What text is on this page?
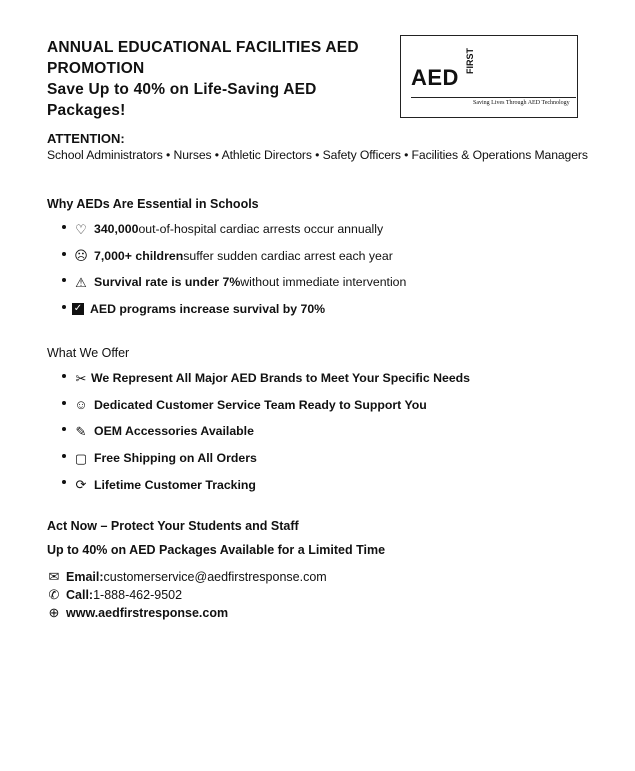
ANNUAL EDUCATIONAL FACILITIES AED
PROMOTION
Save Up to 40% on Life-Saving AED
Packages!
AED
FIRST
Saving Lives Through AED Technology
ATTENTION:
School Administrators • Nurses • Athletic Directors • Safety Officers • Facilities & Operations Managers
Why AEDs Are Essential in Schools
♡ 340,000 out-of-hospital cardiac arrests occur annually
☹ 7,000+ children suffer sudden cardiac arrest each year
⚠ Survival rate is under 7% without immediate intervention
✓ AED programs increase survival by 70%
What We Offer
✂ We Represent All Major AED Brands to Meet Your Specific Needs
☺ Dedicated Customer Service Team Ready to Support You
✎ OEM Accessories Available
▢ Free Shipping on All Orders
⟳ Lifetime Customer Tracking
Act Now – Protect Your Students and Staff
Up to 40% on AED Packages Available for a Limited Time
✉ Email: customerservice@aedfirstresponse.com
✆ Call: 1-888-462-9502
⊕ www.aedfirstresponse.com
